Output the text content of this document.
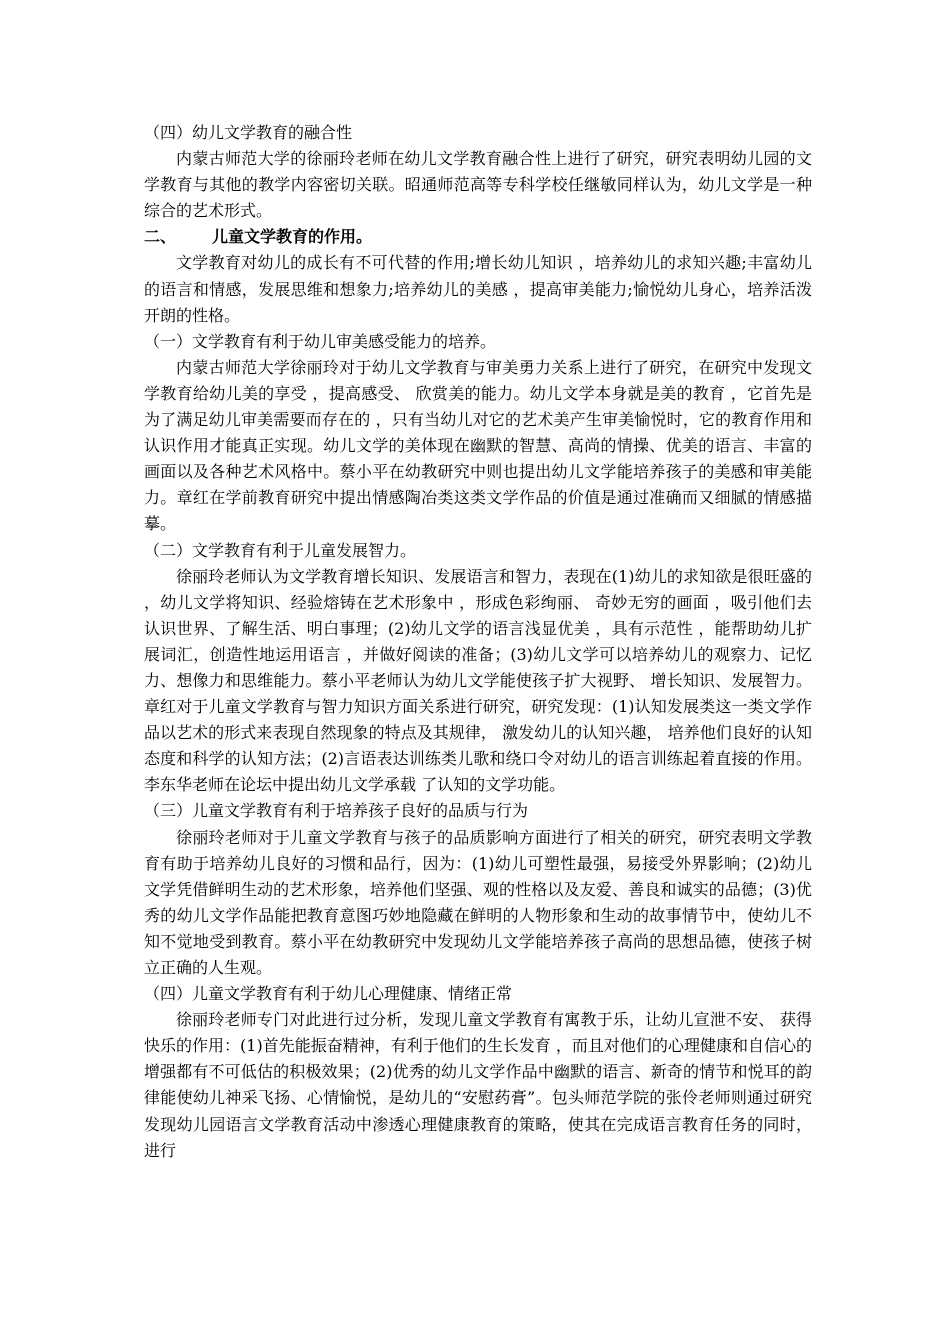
（四）幼儿文学教育的融合性

内蒙古师范大学的徐丽玲老师在幼儿文学教育融合性上进行了研究，研究表明幼儿园的文学教育与其他的教学内容密切关联。昭通师范高等专科学校任继敏同样认为，幼儿文学是一种综合的艺术形式。

二、 儿童文学教育的作用。

文学教育对幼儿的成长有不可代替的作用;增长幼儿知识 ，培养幼儿的求知兴趣;丰富幼儿的语言和情感，发展思维和想象力;培养幼儿的美感 ，提高审美能力;愉悦幼儿身心，培养活泼开朗的性格。

（一）文学教育有利于幼儿审美感受能力的培养。

内蒙古师范大学徐丽玲对于幼儿文学教育与审美勇力关系上进行了研究，在研究中发现文学教育给幼儿美的享受 ，提高感受、 欣赏美的能力。幼儿文学本身就是美的教育 ，它首先是为了满足幼儿审美需要而存在的 ，只有当幼儿对它的艺术美产生审美愉悦时，它的教育作用和认识作用才能真正实现。幼儿文学的美体现在幽默的智慧、高尚的情操、优美的语言、丰富的画面以及各种艺术风格中。蔡小平在幼教研究中则也提出幼儿文学能培养孩子的美感和审美能力。章红在学前教育研究中提出情感陶冶类这类文学作品的价值是通过准确而又细腻的情感描摹。

（二）文学教育有利于儿童发展智力。

徐丽玲老师认为文学教育增长知识、发展语言和智力，表现在(1)幼儿的求知欲是很旺盛的 ，幼儿文学将知识、经验熔铸在艺术形象中 ，形成色彩绚丽、 奇妙无穷的画面 ，吸引他们去认识世界、了解生活、明白事理；(2)幼儿文学的语言浅显优美 ，具有示范性 ，能帮助幼儿扩展词汇，创造性地运用语言 ，并做好阅读的准备；(3)幼儿文学可以培养幼儿的观察力、记忆力、想像力和思维能力。蔡小平老师认为幼儿文学能使孩子扩大视野、 增长知识、发展智力。章红对于儿童文学教育与智力知识方面关系进行研究，研究发现：(1)认知发展类这一类文学作品以艺术的形式来表现自然现象的特点及其规律， 激发幼儿的认知兴趣， 培养他们良好的认知态度和科学的认知方法；(2)言语表达训练类儿歌和绕口令对幼儿的语言训练起着直接的作用。李东华老师在论坛中提出幼儿文学承载 了认知的文学功能。

（三）儿童文学教育有利于培养孩子良好的品质与行为

徐丽玲老师对于儿童文学教育与孩子的品质影响方面进行了相关的研究，研究表明文学教育有助于培养幼儿良好的习惯和品行，因为：(1)幼儿可塑性最强，易接受外界影响；(2)幼儿文学凭借鲜明生动的艺术形象，培养他们坚强、观的性格以及友爱、善良和诚实的品德；(3)优秀的幼儿文学作品能把教育意图巧妙地隐藏在鲜明的人物形象和生动的故事情节中，使幼儿不知不觉地受到教育。蔡小平在幼教研究中发现幼儿文学能培养孩子高尚的思想品德，使孩子树立正确的人生观。

（四）儿童文学教育有利于幼儿心理健康、情绪正常

徐丽玲老师专门对此进行过分析，发现儿童文学教育有寓教于乐，让幼儿宣泄不安、 获得快乐的作用：(1)首先能振奋精神，有利于他们的生长发育 ，而且对他们的心理健康和自信心的增强都有不可低估的积极效果；(2)优秀的幼儿文学作品中幽默的语言、新奇的情节和悦耳的韵律能使幼儿神采飞扬、心情愉悦，是幼儿的“安慰药膏”。包头师范学院的张伶老师则通过研究发现幼儿园语言文学教育活动中渗透心理健康教育的策略，使其在完成语言教育任务的同时，进行
